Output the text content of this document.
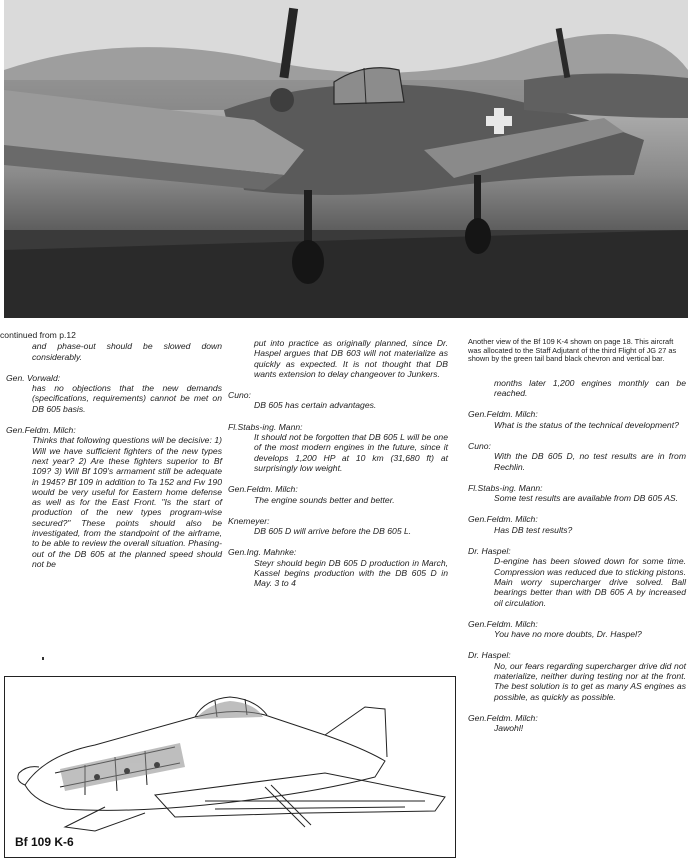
continued from p.12
and phase-out should be slowed down considerably.
Gen. Vorwald:
has no objections that the new demands (specifications, requirements) cannot be met on DB 605 basis.
Gen.Feldm. Milch:
Thinks that following questions will be decisive: 1) Will we have sufficient fighters of the new types next year? 2) Are these fighters superior to Bf 109? 3) Will Bf 109's armament still be adequate in 1945? Bf 109 in addition to Ta 152 and Fw 190 would be very useful for Eastern home defense as well as for the East Front. "Is the start of production of the new types program-wise secured?" These points should also be investigated, from the standpoint of the airframe, to be able to review the overall situation. Phasing-out of the DB 605 at the planned speed should not be
put into practice as originally planned, since Dr. Haspel argues that DB 603 will not materialize as quickly as expected. It is not thought that DB wants extension to delay changeover to Junkers.
Cuno:
DB 605 has certain advantages.
Fl.Stabs-ing. Mann:
It should not be forgotten that DB 605 L will be one of the most modern engines in the future, since it develops 1,200 HP at 10 km (31,680 ft) at surprisingly low weight.
Gen.Feldm. Milch:
The engine sounds better and better.
Knemeyer:
DB 605 D will arrive before the DB 605 L.
Gen.Ing. Mahnke:
Steyr should begin DB 605 D production in March, Kassel begins production with the DB 605 D in May. 3 to 4
Another view of the Bf 109 K-4 shown on page 18. This aircraft was allocated to the Staff Adjutant of the third Flight of JG 27 as shown by the green tail band black chevron and vertical bar.
months later 1,200 engines monthly can be reached.
Gen.Feldm. Milch:
What is the status of the technical development?
Cuno:
With the DB 605 D, no test results are in from Rechlin.
Fl.Stabs-ing. Mann:
Some test results are available from DB 605 AS.
Gen.Feldm. Milch:
Has DB test results?
Dr. Haspel:
D-engine has been slowed down for some time. Compression was reduced due to sticking pistons. Main worry supercharger drive solved. Ball bearings better than with DB 605 A by increased oil circulation.
Gen.Feldm. Milch:
You have no more doubts, Dr. Haspel?
Dr. Haspel:
No, our fears regarding supercharger drive did not materialize, neither during testing nor at the front. The best solution is to get as many AS engines as possible, as quickly as possible.
Gen.Feldm. Milch:
Jawohl!
Bf 109 K-6
